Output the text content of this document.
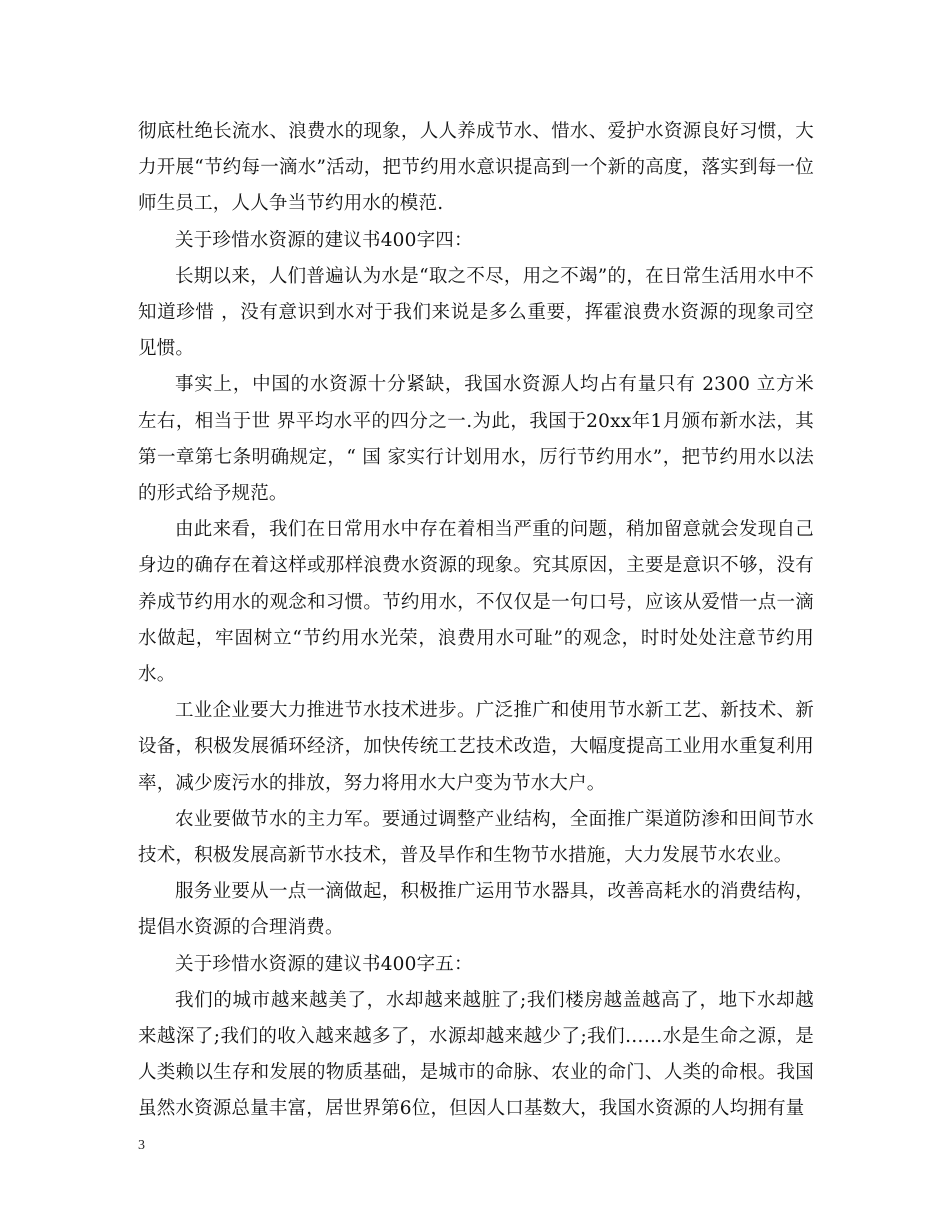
彻底杜绝长流水、浪费水的现象，人人养成节水、惜水、爱护水资源良好习惯，大力开展“节约每一滴水”活动，把节约用水意识提高到一个新的高度，落实到每一位师生员工，人人争当节约用水的模范.

关于珍惜水资源的建议书400字四：

长期以来，人们普遍认为水是“取之不尽，用之不竭”的，在日常生活用水中不知道珍惜 ，没有意识到水对于我们来说是多么重要，挥霍浪费水资源的现象司空见惯。

事实上，中国的水资源十分紧缺，我国水资源人均占有量只有 2300 立方米左右，相当于世 界平均水平的四分之一.为此，我国于20xx年1月颁布新水法，其第一章第七条明确规定，“ 国 家实行计划用水，厉行节约用水”，把节约用水以法的形式给予规范。

由此来看，我们在日常用水中存在着相当严重的问题，稍加留意就会发现自己身边的确存在着这样或那样浪费水资源的现象。究其原因，主要是意识不够，没有养成节约用水的观念和习惯。节约用水，不仅仅是一句口号，应该从爱惜一点一滴水做起，牢固树立“节约用水光荣，浪费用水可耻”的观念，时时处处注意节约用水。

工业企业要大力推进节水技术进步。广泛推广和使用节水新工艺、新技术、新设备，积极发展循环经济，加快传统工艺技术改造，大幅度提高工业用水重复利用率，减少废污水的排放，努力将用水大户变为节水大户。

农业要做节水的主力军。要通过调整产业结构，全面推广渠道防渗和田间节水技术，积极发展高新节水技术，普及旱作和生物节水措施，大力发展节水农业。

服务业要从一点一滴做起，积极推广运用节水器具，改善高耗水的消费结构，提倡水资源的合理消费。

关于珍惜水资源的建议书400字五：

我们的城市越来越美了，水却越来越脏了;我们楼房越盖越高了，地下水却越来越深了;我们的收入越来越多了，水源却越来越少了;我们……水是生命之源，是人类赖以生存和发展的物质基础，是城市的命脉、农业的命门、人类的命根。我国虽然水资源总量丰富，居世界第6位，但因人口基数大，我国水资源的人均拥有量

3
